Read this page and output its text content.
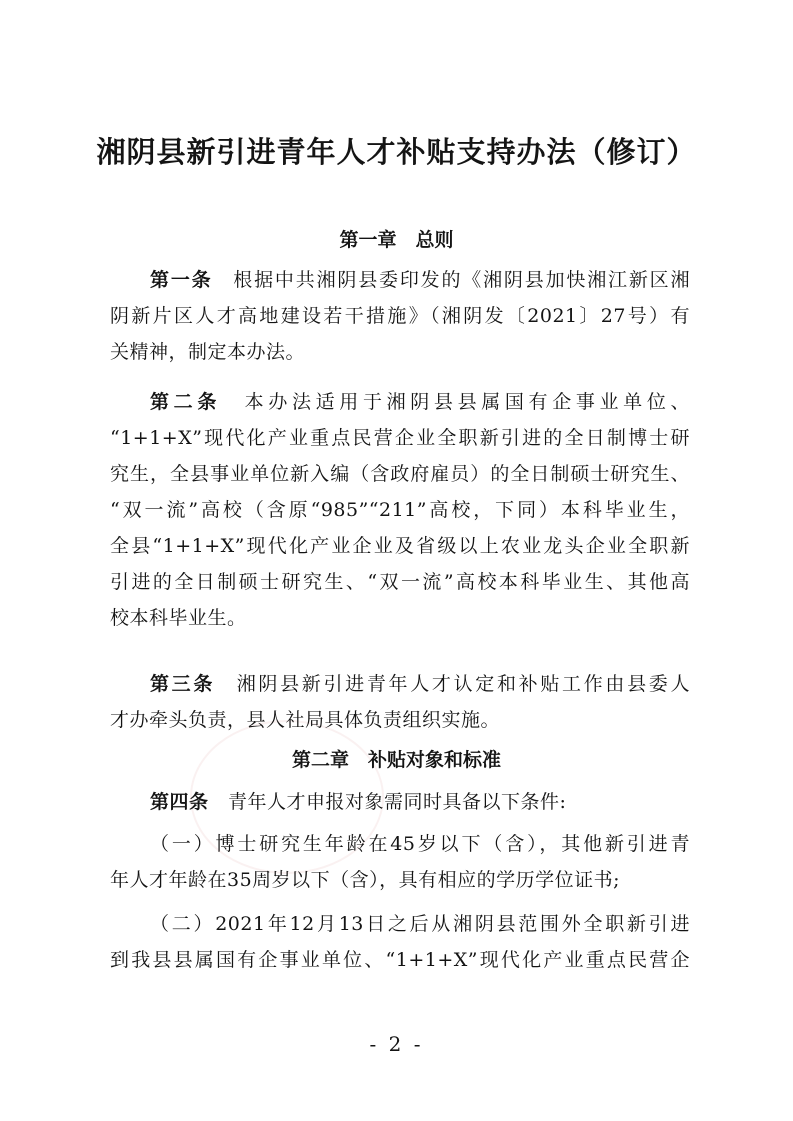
湘阴县新引进青年人才补贴支持办法（修订）
第一章　总则
第一条　 根据中共湘阴县委印发的《湘阴县加快湘江新区湘
阴新片区人才高地建设若干措施》（湘阴发〔2021〕27号）有
关精神，制定本办法。
第二条　 本办法适用于湘阴县县属国有企事业单位、
“1+1+X”现代化产业重点民营企业全职新引进的全日制博士研
究生，全县事业单位新入编（含政府雇员）的全日制硕士研究生、
“双一流”高校（含原“985”“211”高校，下同）本科毕业生，
全县“1+1+X”现代化产业企业及省级以上农业龙头企业全职新
引进的全日制硕士研究生、“双一流”高校本科毕业生、其他高
校本科毕业生。
第三条　 湘阴县新引进青年人才认定和补贴工作由县委人
才办牵头负责，县人社局具体负责组织实施。
第二章　补贴对象和标准
第四条　 青年人才申报对象需同时具备以下条件:
（一）博士研究生年龄在45岁以下（含），其他新引进青
年人才年龄在35周岁以下（含），具有相应的学历学位证书;
（二）2021年12月13日之后从湘阴县范围外全职新引进
到我县县属国有企事业单位、“1+1+X”现代化产业重点民营企

- 2 -
